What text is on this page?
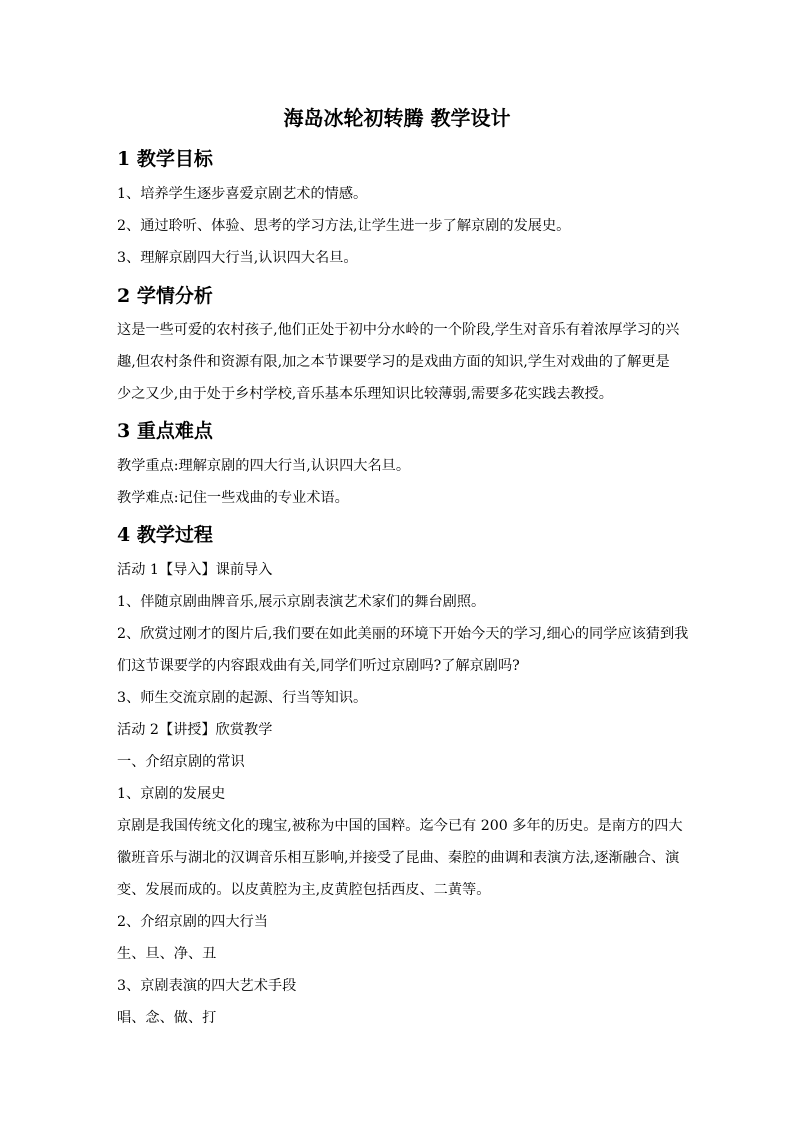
海岛冰轮初转腾 教学设计
1 教学目标
1、培养学生逐步喜爱京剧艺术的情感。
2、通过聆听、体验、思考的学习方法,让学生进一步了解京剧的发展史。
3、理解京剧四大行当,认识四大名旦。
2 学情分析
这是一些可爱的农村孩子,他们正处于初中分水岭的一个阶段,学生对音乐有着浓厚学习的兴
趣,但农村条件和资源有限,加之本节课要学习的是戏曲方面的知识,学生对戏曲的了解更是
少之又少,由于处于乡村学校,音乐基本乐理知识比较薄弱,需要多花实践去教授。
3 重点难点
教学重点:理解京剧的四大行当,认识四大名旦。
教学难点:记住一些戏曲的专业术语。
4 教学过程
活动 1【导入】课前导入
1、伴随京剧曲牌音乐,展示京剧表演艺术家们的舞台剧照。
2、欣赏过刚才的图片后,我们要在如此美丽的环境下开始今天的学习,细心的同学应该猜到我
们这节课要学的内容跟戏曲有关,同学们听过京剧吗?了解京剧吗?
3、师生交流京剧的起源、行当等知识。
活动 2【讲授】欣赏教学
一、介绍京剧的常识
1、京剧的发展史
京剧是我国传统文化的瑰宝,被称为中国的国粹。迄今已有 200 多年的历史。是南方的四大
徽班音乐与湖北的汉调音乐相互影响,并接受了昆曲、秦腔的曲调和表演方法,逐渐融合、演
变、发展而成的。以皮黄腔为主,皮黄腔包括西皮、二黄等。
2、介绍京剧的四大行当
生、旦、净、丑
3、京剧表演的四大艺术手段
唱、念、做、打
